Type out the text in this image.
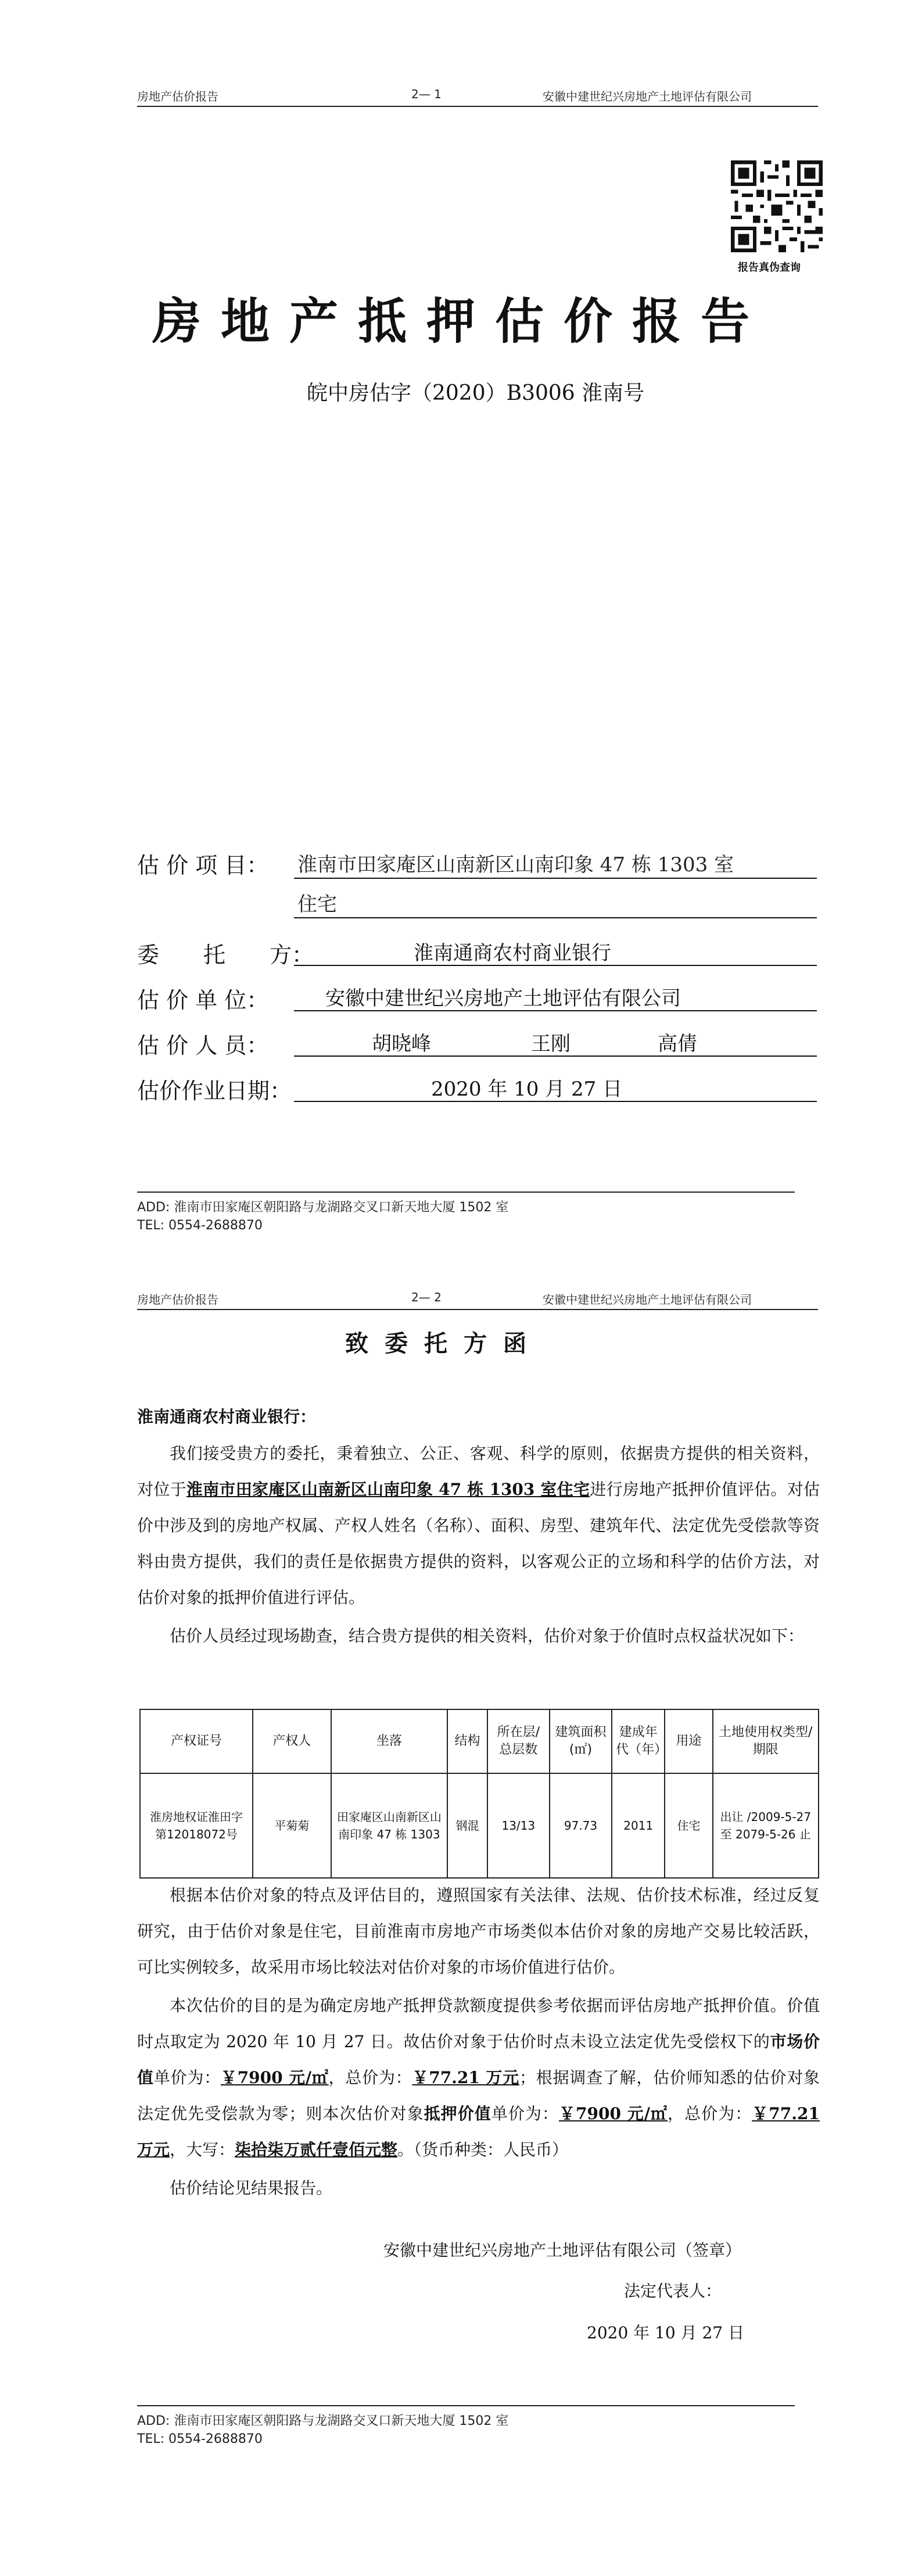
房地产估价报告	2— 1	安徽中建世纪兴房地产土地评估有限公司
报告真伪查询
房地产抵押估价报告
皖中房估字（2020）B3006 淮南号
估 价 项 目： 淮南市田家庵区山南新区山南印象 47 栋 1303 室
住宅
委　　托　　方：	淮南通商农村商业银行
估 价 单 位：	安徽中建世纪兴房地产土地评估有限公司
估 价 人 员：	胡晓峰	王刚	高倩
估价作业日期：	2020 年 10 月 27 日
ADD: 淮南市田家庵区朝阳路与龙湖路交叉口新天地大厦 1502 室
TEL: 0554-2688870
房地产估价报告	2— 2	安徽中建世纪兴房地产土地评估有限公司
致委托方函
淮南通商农村商业银行：
我们接受贵方的委托，秉着独立、公正、客观、科学的原则，依据贵方提供的相关资料，对位于淮南市田家庵区山南新区山南印象 47 栋 1303 室住宅进行房地产抵押价值评估。对估价中涉及到的房地产权属、产权人姓名（名称）、面积、房型、建筑年代、法定优先受偿款等资料由贵方提供，我们的责任是依据贵方提供的资料，以客观公正的立场和科学的估价方法，对估价对象的抵押价值进行评估。
估价人员经过现场勘查，结合贵方提供的相关资料，估价对象于价值时点权益状况如下：
产权证号	产权人	坐落	结构	所在层/总层数	建筑面积(㎡)	建成年代（年）	用途	土地使用权类型/期限
淮房地权证淮田字第12018072号	平菊菊	田家庵区山南新区山南印象 47 栋 1303	钢混	13/13	97.73	2011	住宅	出让 /2009-5-27 至 2079-5-26 止
根据本估价对象的特点及评估目的，遵照国家有关法律、法规、估价技术标准，经过反复研究，由于估价对象是住宅，目前淮南市房地产市场类似本估价对象的房地产交易比较活跃，可比实例较多，故采用市场比较法对估价对象的市场价值进行估价。
本次估价的目的是为确定房地产抵押贷款额度提供参考依据而评估房地产抵押价值。价值时点取定为 2020 年 10 月 27 日。故估价对象于估价时点未设立法定优先受偿权下的市场价值单价为：￥7900 元/㎡，总价为：￥77.21 万元；根据调查了解，估价师知悉的估价对象法定优先受偿款为零；则本次估价对象抵押价值单价为：￥7900 元/㎡，总价为：￥77.21 万元，大写：柒拾柒万贰仟壹佰元整。（货币种类：人民币）
估价结论见结果报告。
安徽中建世纪兴房地产土地评估有限公司（签章）
法定代表人：
2020 年 10 月 27 日
ADD: 淮南市田家庵区朝阳路与龙湖路交叉口新天地大厦 1502 室
TEL: 0554-2688870
